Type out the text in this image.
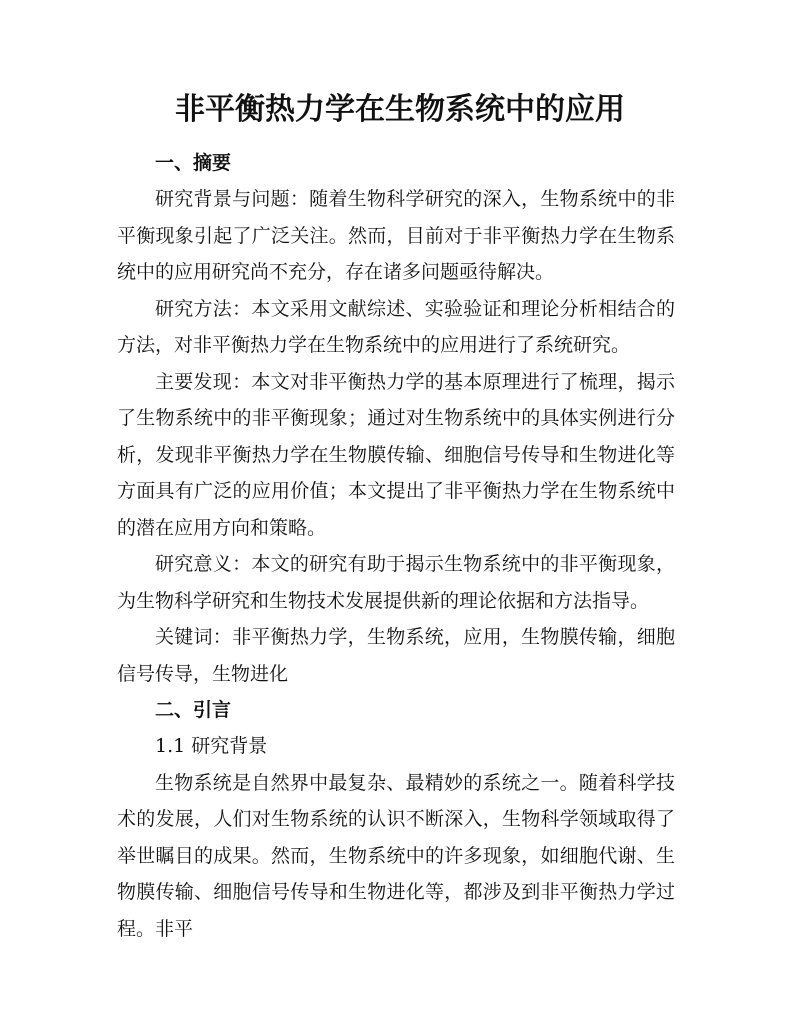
非平衡热力学在生物系统中的应用

一、摘要

研究背景与问题：随着生物科学研究的深入，生物系统中的非平衡现象引起了广泛关注。然而，目前对于非平衡热力学在生物系统中的应用研究尚不充分，存在诸多问题亟待解决。

研究方法：本文采用文献综述、实验验证和理论分析相结合的方法，对非平衡热力学在生物系统中的应用进行了系统研究。

主要发现：本文对非平衡热力学的基本原理进行了梳理，揭示了生物系统中的非平衡现象；通过对生物系统中的具体实例进行分析，发现非平衡热力学在生物膜传输、细胞信号传导和生物进化等方面具有广泛的应用价值；本文提出了非平衡热力学在生物系统中的潜在应用方向和策略。

研究意义：本文的研究有助于揭示生物系统中的非平衡现象，为生物科学研究和生物技术发展提供新的理论依据和方法指导。

关键词：非平衡热力学，生物系统，应用，生物膜传输，细胞信号传导，生物进化

二、引言

1.1 研究背景

生物系统是自然界中最复杂、最精妙的系统之一。随着科学技术的发展，人们对生物系统的认识不断深入，生物科学领域取得了举世瞩目的成果。然而，生物系统中的许多现象，如细胞代谢、生物膜传输、细胞信号传导和生物进化等，都涉及到非平衡热力学过程。非平
